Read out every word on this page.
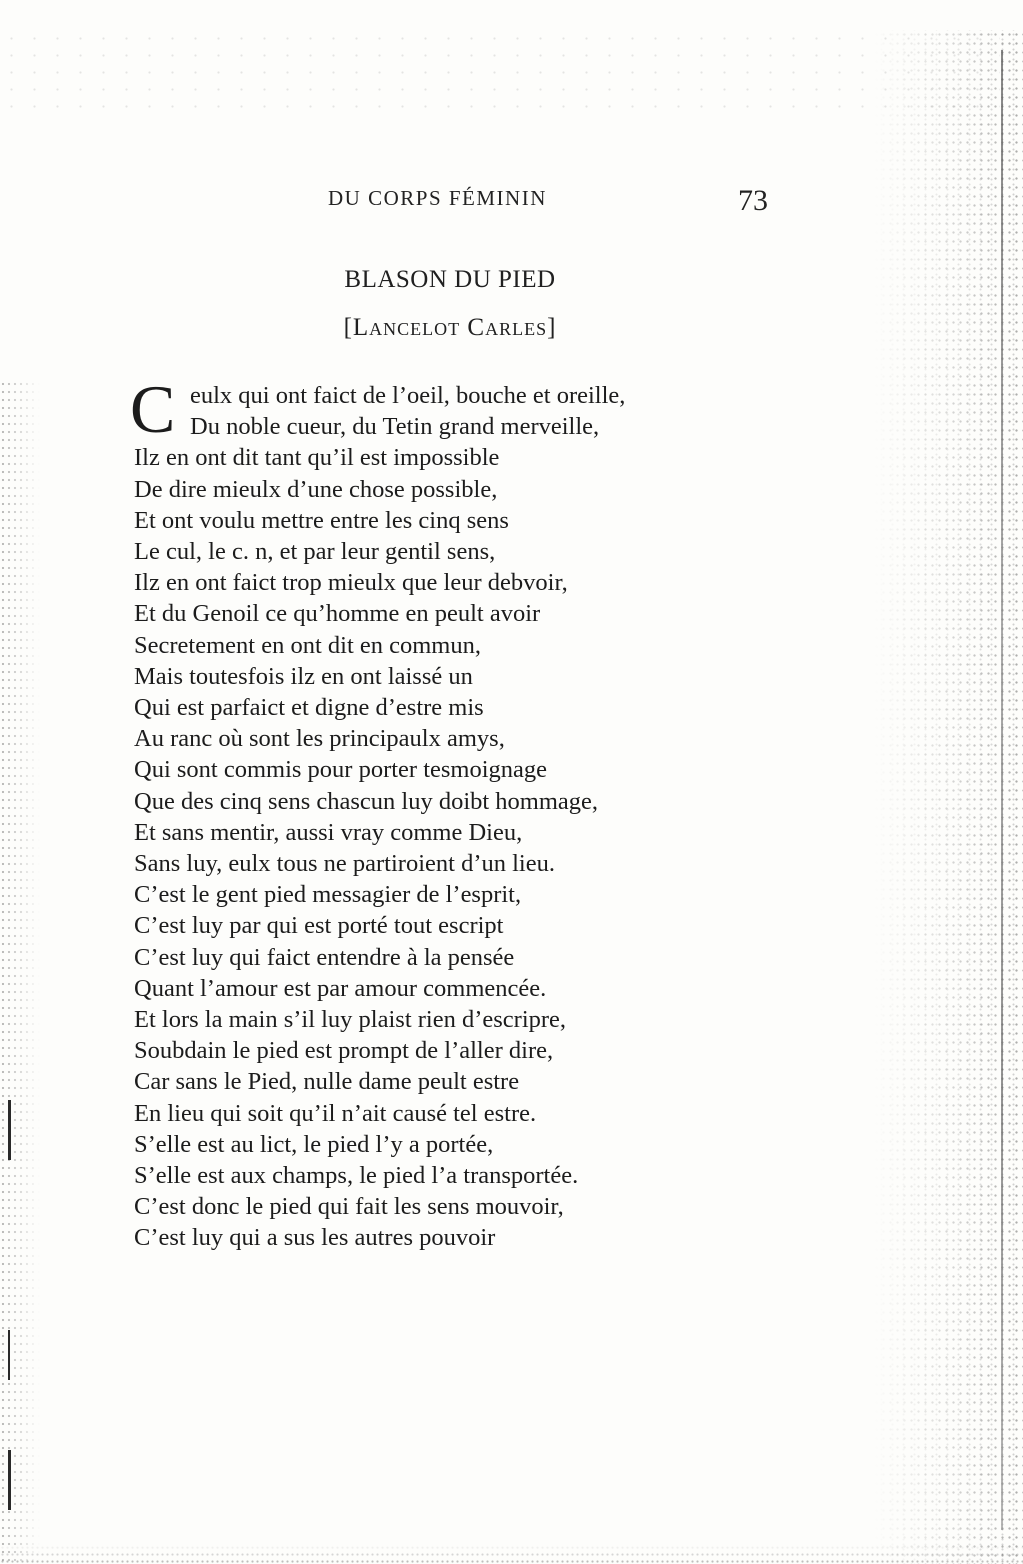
DU CORPS FÉMININ	73
BLASON DU PIED
[Lancelot Carles]
C eulx qui ont faict de l’oeil, bouche et oreille,
Du noble cueur, du Tetin grand merveille,
Ilz en ont dit tant qu’il est impossible
De dire mieulx d’une chose possible,
Et ont voulu mettre entre les cinq sens
Le cul, le c. n, et par leur gentil sens,
Ilz en ont faict trop mieulx que leur debvoir,
Et du Genoil ce qu’homme en peult avoir
Secretement en ont dit en commun,
Mais toutesfois ilz en ont laissé un
Qui est parfaict et digne d’estre mis
Au ranc où sont les principaulx amys,
Qui sont commis pour porter tesmoignage
Que des cinq sens chascun luy doibt hommage,
Et sans mentir, aussi vray comme Dieu,
Sans luy, eulx tous ne partiroient d’un lieu.
C’est le gent pied messagier de l’esprit,
C’est luy par qui est porté tout escript
C’est luy qui faict entendre à la pensée
Quant l’amour est par amour commencée.
Et lors la main s’il luy plaist rien d’escripre,
Soubdain le pied est prompt de l’aller dire,
Car sans le Pied, nulle dame peult estre
En lieu qui soit qu’il n’ait causé tel estre.
S’elle est au lict, le pied l’y a portée,
S’elle est aux champs, le pied l’a transportée.
C’est donc le pied qui fait les sens mouvoir,
C’est luy qui a sus les autres pouvoir
